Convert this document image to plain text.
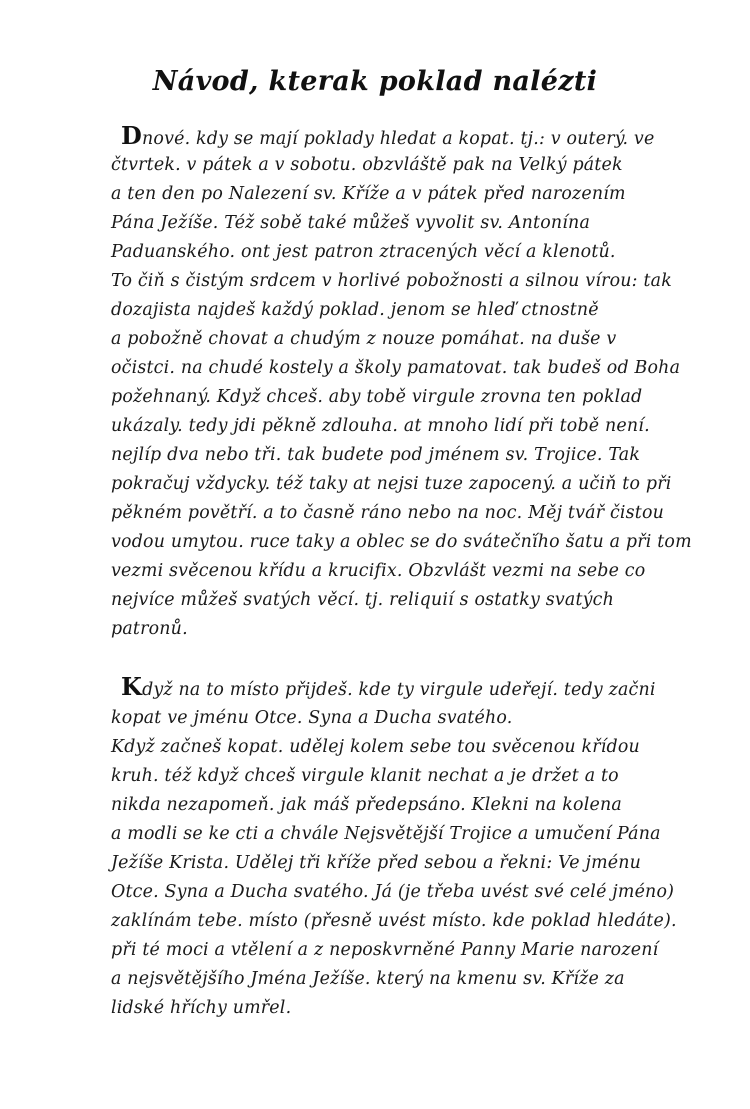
Návod, kterak poklad nalézti
Dnové. kdy se mají poklady hledat a kopat. tj.: v outerý. ve
čtvrtek. v pátek a v sobotu. obzvláště pak na Velký pátek
a ten den po Nalezení sv. Kříže a v pátek před narozením
Pána Ježíše. Též sobě také můžeš vyvolit sv. Antonína
Paduanského. ont jest patron ztracených věcí a klenotů.
To čiň s čistým srdcem v horlivé pobožnosti a silnou vírou: tak
dozajista najdeš každý poklad. jenom se hleď ctnostně
a pobožně chovat a chudým z nouze pomáhat. na duše v
očistci. na chudé kostely a školy pamatovat. tak budeš od Boha
požehnaný. Když chceš. aby tobě virgule zrovna ten poklad
ukázaly. tedy jdi pěkně zdlouha. at mnoho lidí při tobě není.
nejlíp dva nebo tři. tak budete pod jménem sv. Trojice. Tak
pokračuj vždycky. též taky at nejsi tuze zapocený. a učiň to při
pěkném povětří. a to časně ráno nebo na noc. Měj tvář čistou
vodou umytou. ruce taky a oblec se do sváteční̇ho šatu a při tom
vezmi svěcenou křídu a krucifix. Obzvlášt vezmi na sebe co
nejvíce můžeš svatých věcí. tj. reliquií s ostatky svatých
patronů.
Když na to místo přijdeš. kde ty virgule udeřejí. tedy začni
kopat ve jménu Otce. Syna a Ducha svatého.
Když začneš kopat. udělej kolem sebe tou svěcenou křídou
kruh. též když chceš virgule klanit nechat a je držet a to
nikda nezapomeň. jak máš předepsáno. Klekni na kolena
a modli se ke cti a chvále Nejsvětější Trojice a umučení Pána
Ježíše Krista. Udělej tři kříže před sebou a řekni: Ve jménu
Otce. Syna a Ducha svatého. Já (je třeba uvést své celé jméno)
zaklínám tebe. místo (přesně uvést místo. kde poklad hledáte).
při té moci a vtělení a z neposkvrněné Panny Marie narození
a nejsvětějšího Jména Ježíše. který na kmenu sv. Kříže za
lidské hříchy umřel.
